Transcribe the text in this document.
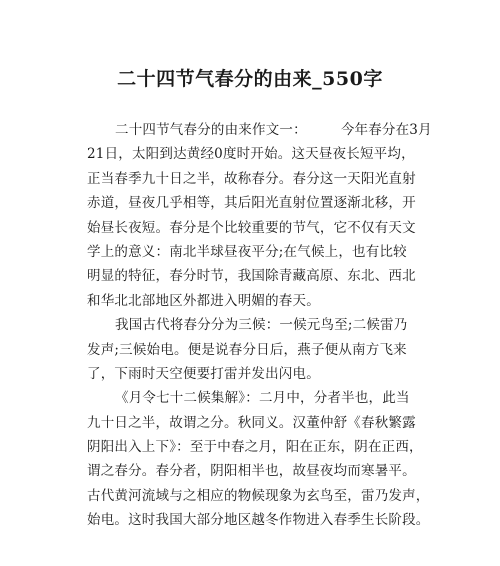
二十四节气春分的由来_550字
二十四节气春分的由来作文一：	今年春分在3月
21日，太阳到达黄经0度时开始。这天昼夜长短平均，
正当春季九十日之半，故称春分。春分这一天阳光直射
赤道，昼夜几乎相等，其后阳光直射位置逐渐北移，开
始昼长夜短。春分是个比较重要的节气，它不仅有天文
学上的意义：南北半球昼夜平分;在气候上，也有比较
明显的特征，春分时节，我国除青藏高原、东北、西北
和华北北部地区外都进入明媚的春天。
我国古代将春分分为三候：一候元鸟至;二候雷乃
发声;三候始电。便是说春分日后，燕子便从南方飞来
了，下雨时天空便要打雷并发出闪电。
《月令七十二候集解》：二月中，分者半也，此当
九十日之半，故谓之分。秋同义。汉董仲舒《春秋繁露
阴阳出入上下》：至于中春之月，阳在正东，阴在正西，
谓之春分。春分者，阴阳相半也，故昼夜均而寒暑平。
古代黄河流域与之相应的物候现象为玄鸟至，雷乃发声，
始电。这时我国大部分地区越冬作物进入春季生长阶段。
